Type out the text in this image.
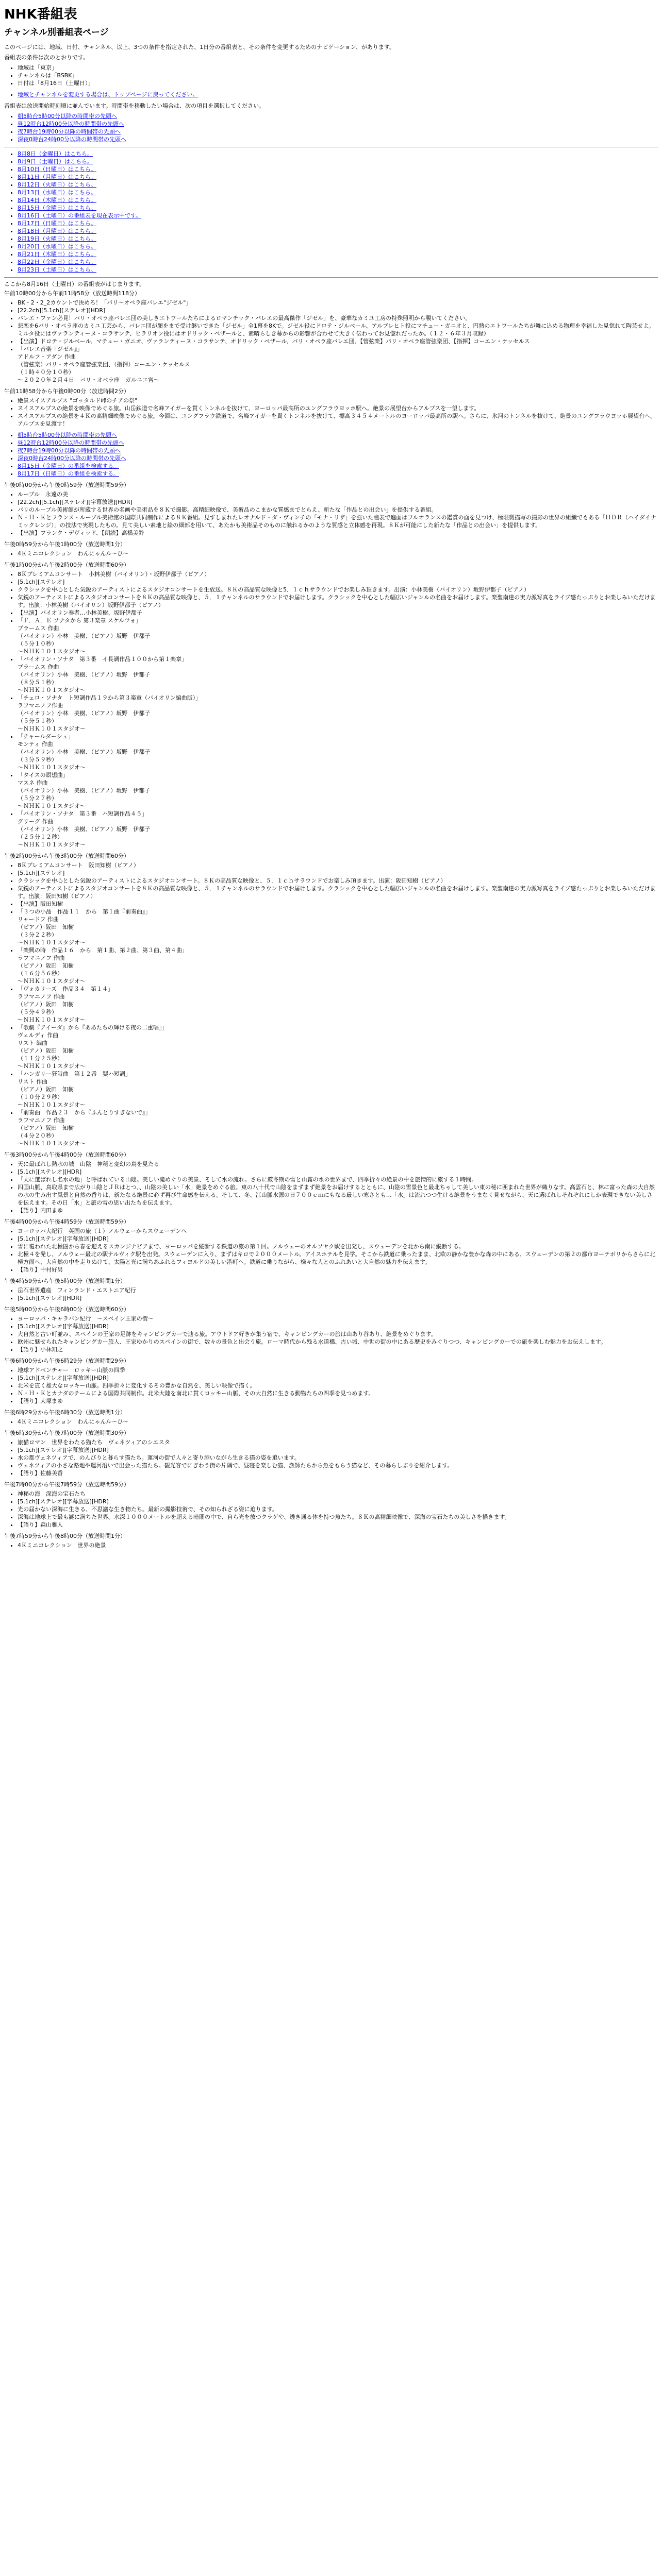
NHK番組表
チャンネル別番組表ページ

このページには、地域、日付、チャンネル、以上、3つの条件を指定された、1日分の番組表と、その条件を変更するためのナビゲーション、があります。

番組表の条件は次のとおりです。

• 地域は「東京」
• チャンネルは「BSBK」
• 日付は「8月16日（土曜日）」
• 地域とチャンネルを変更する場合は、トップページに戻ってください。

番組表は放送開始時刻順に並んでいます。時間帯を移動したい場合は、次の項目を選択してください。

• 朝5時台5時00分以降の時間帯の先頭へ
• 昼12時台12時00分以降の時間帯の先頭へ
• 夜7時台19時00分以降の時間帯の先頭へ
• 深夜0時台24時00分以降の時間帯の先頭へ
• 8月8日（金曜日）はこちら。
• 8月9日（土曜日）はこちら。
• 8月10日（日曜日）はこちら。
• 8月11日（月曜日）はこちら。
• 8月12日（火曜日）はこちら。
• 8月13日（水曜日）はこちら。
• 8月14日（木曜日）はこちら。
• 8月15日（金曜日）はこちら。
• 8月16日（土曜日）の番組表を現在表示中です。
• 8月17日（日曜日）はこちら。
• 8月18日（月曜日）はこちら。
• 8月19日（火曜日）はこちら。
• 8月20日（水曜日）はこちら。
• 8月21日（木曜日）はこちら。
• 8月22日（金曜日）はこちら。
• 8月23日（土曜日）はこちら。

ここから8月16日（土曜日）の番組表がはじまります。

午前10時00分から午前11時58分（放送時間118分）

• BK・2・2_2カウントで決めろ！「バリ～オペラ座バレエ"ジゼル"」
• [22.2ch][5.1ch][ステレオ][HDR]
• バレエ・ファン必見！パリ・オペラ座バレエ団の美しきエトワールたちによるロマンチック・バレエの最高傑作「ジゼル」を、豪華なカミユ工房の特殊照明から覗いてください。
• 悲恋を6バリ・オペラ座のカミユ工芸から、バレエ団が顔をまで受け継いできた「ジゼル」全1幕を8Kで。ジゼル役にドロテ・ジルベール、アルブレヒト役にマチュー・ガニオと、円熟のエトワールたちが舞に込める物理を幸福した見惚れて陶芸せよ。ミルタ役にはヴァランティーヌ・コラサンテ、ヒラリオン役にはオドリック・ベザールと、素晴らしき幕からの影響が合わせて大きく伝わってお見惚れだったか。（１２・６年３月収録）
• 【出演】ドロテ・ジルベール、マチュー・ガニオ、ヴァランティーヌ・コラサンテ、オドリック・ベザール、パリ・オペラ座バレエ団、【管弦楽】パリ・オペラ座管弦楽団、【指揮】コーエン・ケッセルス
• 「バレエ音楽『ジゼル』」
アドルフ・アダン 作曲
（管弦楽）パリ・オペラ座管弦楽団、（指揮）コーエン・ケッセルス
（１時４０分１０秒）
～２０２０年２月４日　パリ・オペラ座　ガルニエ宮～

午前11時58分から午後0時00分（放送時間2分）

• 絶景スイスアルプス "ゴッタルド峠のチアの祭"
• スイスアルプスの絶景を映像でめぐる旅。山岳鉄道で名峰アイガーを貫くトンネルを抜けて、ヨーロッパ最高所のユングフラウヨッホ駅へ。絶景の展望台からアルプスを一望します。
• スイスアルプスの絶景を４Ｋの高精細映像でめぐる旅。今回は、ユングフラウ鉄道で、名峰アイガーを貫くトンネルを抜けて、標高３４５４メートルのヨーロッパ最高所の駅へ。さらに、氷河のトンネルを抜けて、絶景のユングフラウヨッホ展望台へ。アルプスを見渡す！
• 朝5時台5時00分以降の時間帯の先頭へ
• 昼12時台12時00分以降の時間帯の先頭へ
• 夜7時台19時00分以降の時間帯の先頭へ
• 深夜0時台24時00分以降の時間帯の先頭へ
• 8月15日（金曜日）の番組を検索する。
• 8月17日（日曜日）の番組を検索する。

午後0時00分から午後0時59分（放送時間59分）

• ルーブル　永遠の美
• [22.2ch][5.1ch][ステレオ][字幕放送][HDR]
• パリのルーブル美術館が所蔵する世界の名画や美術品を８Ｋで撮影。高精細映像で、美術品のこまかな質感までとらえ、新たな「作品との出会い」を提供する番組。
• Ｎ・Ｈ・Ｋとフランス・ルーブル美術館の国際共同制作による８Ｋ番組。見ずしまれたレオナルド・ダ・ヴィンチの「モナ・リザ」を強いた瞳表で進面はフルオランスの鑑賞の面を見つけ、極限微描写の撮影の世界の組織でもある「ＨＤＲ（ハイダイナミックレンジ）」の技法で実現したもの。見て美しい素地と絵の細部を用いて、あたかも美術品そのものに触れるかのような質感と立体感を再現。８Ｋが可能にした新たな「作品との出会い」を提供します。
• 【出演】フランク・デヴィッド、【朗読】高橋美鈴

午後0時59分から午後1時00分（放送時間1分）

• 4Ｋミニコレクション　わんにゃんル～ひ～

午後1時00分から午後2時00分（放送時間60分）

• 8Ｋプレミアムコンサート　小林美樹（バイオリン）・坂野伊都子（ピアノ）
• [5.1ch][ステレオ]
• クラシックを中心とした気鋭のアーティストによるスタジオコンサートを生放送。８Ｋの高品質な映像と5．１ｃｈサラウンドでお楽しみ頂きます。出演：小林美樹（バイオリン）坂野伊都子（ピアノ）
• 気鋭のアーティストによるスタジオコンサートを８Ｋの高品質な映像と、５．１チャンネルのサラウンドでお届けします。クラシックを中心とした幅広いジャンルの名曲をお届けします。楽聖南達の実力派写真をライブ感たっぷりとお楽しみいただけます。出演：小林美樹（バイオリン）坂野伊都子（ピアノ）
• 【出演】バイオリン奏者…小林美樹、坂野伊都子
• 「Ｆ．Ａ．Ｅ ソナタから 第３楽章 スケルツォ」
ブラームス 作曲
（バイオリン）小林　美樹、（ピアノ）坂野　伊都子
（５分１０秒）
～ＮＨＫ１０１スタジオ～
• 「バイオリン・ソナタ　第３番　イ長調作品１００から第１楽章」
ブラームス 作曲
（バイオリン）小林　美樹、（ピアノ）坂野　伊都子
（８分５１秒）
～ＮＨＫ１０１スタジオ～
• 「チェロ・ソナタ　ト短調作品１９から第３楽章（バイオリン編曲版）」
ラフマニノフ作曲
（バイオリン）小林　美樹、（ピアノ）坂野　伊都子
（５分５１秒）
～ＮＨＫ１０１スタジオ～
• 「チャールダーシュ」
モンティ 作曲
（バイオリン）小林　美樹、（ピアノ）坂野　伊都子
（３分５９秒）
～ＮＨＫ１０１スタジオ～
• 「タイスの瞑想曲」
マスネ 作曲
（バイオリン）小林　美樹、（ピアノ）坂野　伊都子
（５分２７秒）
～ＮＨＫ１０１スタジオ～
• 「バイオリン・ソナタ　第３番　ハ短調作品４５」
グリーグ 作曲
（バイオリン）小林　美樹、（ピアノ）坂野　伊都子
（２５分１２秒）
～ＮＨＫ１０１スタジオ～

午後2時00分から午後3時00分（放送時間60分）

• 8Ｋプレミアムコンサート　阪田知樹（ピアノ）
• [5.1ch][ステレオ]
• クラシックを中心とした気鋭のアーティストによるスタジオコンサート。８Ｋの高品質な映像と、５．１ｃｈサラウンドでお楽しみ頂きます。出演：阪田知樹（ピアノ）
• 気鋭のアーティストによるスタジオコンサートを８Ｋの高品質な映像と、５．１チャンネルのサラウンドでお届けします。クラシックを中心とした幅広いジャンルの名曲をお届けします。楽聖南達の実力派写真をライブ感たっぷりとお楽しみいただけます。出演：阪田知樹（ピアノ）
• 【出演】阪田知樹
• 「３つの小品　作品１１　から　第１曲『前奏曲』」
リャードフ 作曲
（ピアノ）阪田　知樹
（３分２２秒）
～ＮＨＫ１０１スタジオ～
• 「楽興の時　作品１６　から　第１曲、第２曲、第３曲、第４曲」
ラフマニノフ 作曲
（ピアノ）阪田　知樹
（１６分５６秒）
～ＮＨＫ１０１スタジオ～
• 「ヴォカリーズ　作品３４　第１４」
ラフマニノフ 作曲
（ピアノ）阪田　知樹
（５分４９秒）
～ＮＨＫ１０１スタジオ～
• 「歌劇『アイーダ』から『ああたちの輝ける夜の二重唱』」
ヴェルディ 作曲
リスト 編曲
（ピアノ）阪田　知樹
（１１分２５秒）
～ＮＨＫ１０１スタジオ～
• 「ハンガリー狂詩曲　第１２番　嬰ハ短調」
リスト 作曲
（ピアノ）阪田　知樹
（１０分２９秒）
～ＮＨＫ１０１スタジオ～
• 「前奏曲　作品２３　から『ふんとりすぎないで』」
ラフマニノフ 作曲
（ピアノ）阪田　知樹
（４分２０秒）
～ＮＨＫ１０１スタジオ～

午後3時00分から午後4時00分（放送時間60分）

• 天に最ばれし熱水の城　山陰　神秘と変幻の鳥を見たる
• [5.1ch][ステレオ][HDR]
• 「天に選ばれし名水の地」と呼ばれている山陰。美しい滝めぐりの美景、そして水の流れ。さらに厳冬期の雪と山霧の水の世界まで、四季折々の絶景の中を旅情的に旅する１時間。
• 四国山脈、鳥取県まで広がり山陰とＪＲはとつ、、山陰の美しい「水」絶景をめぐる旅。東の八十代で山陰をまずまず絶景をお届けするとともに、山陰の雪景色と最北ちゃして美しい東の秘に囲まれた世界が織りなす。高雲石と、林に富った森の大自然の水の生み出す風景と自然の香りは、新たなる絶景に必ず再び生命感を伝える。そして、冬、江山脈水源の日７００ｃｍにもなる厳しい寒さとも…「水」は流れつつ生ける絶景をうまなく見せながら、天に選ばれしそれぞれにしか表現できない美しさを伝えます。その日「水」と旅の雪の思い出たちを伝えます。
• 【語り】内田まゆ

午後4時00分から午後4時59分（放送時間59分）

• ヨーロッパ大紀行　英国の旅（１）ノルウェーからスウェーデンへ
• [5.1ch][ステレオ][字幕放送][HDR]
• 雪に覆われた北極圏から春を迎えるスカンジナビアまで、ヨーロッパを縦断する鉄道の旅の第１回。ノルウェーのオルソヤク駅を出発し、スウェーデンを北から南に縦断する。
• 北極４を発し、ノルウェー最北の駅ナルヴィク駅を出発。スウェーデンに入り、まずはキロで２０００メートル。アイスホテルを見学。そこから鉄道に乗ったまま、北欧の静かな豊かな森の中にある、スウェーデンの第２の都市ヨーテボリからさらに北極方面へ、大自然の中を走りぬけて、太陽と光に満ちあふれるフィヨルドの美しい港町へ。鉄道に乗りながら、様々な人とのふれあいと大自然の魅力を伝えます。
• 【語り】中村好男

午後4時59分から午後5時00分（放送時間1分）

• 岳石世界遺産　フィンランド・エストニア紀行
• [5.1ch][ステレオ][HDR]

午後5時00分から午後6時00分（放送時間60分）

• ヨーロッパ・キャラバン紀行　～スペイン王家の街～
• [5.1ch][ステレオ][字幕放送][HDR]
• 大自然と古い町並み、スペインの王家の足跡をキャンピングカーで辿る旅。アウトドア好きが集う宿で、キャンピングカーの旅は山あり谷あり、絶景をめぐります。
• 欧州に魅せられたキャンピングカー旅人、王家ゆかりのスペインの街で、数々の景色と出会う旅。ローマ時代から残る水道橋、古い城、中世の街の中にある歴史をみぐりつつ、キャンピングカーでの旅を楽しむ魅力をお伝えします。
• 【語り】小林知之

午後6時00分から午後6時29分（放送時間29分）

• 地球アドベンチャー　ロッキー山脈の四季
• [5.1ch][ステレオ][字幕放送][HDR]
• 北米を貫く雄大なロッキー山脈。四季折々に変化するその豊かな自然を、美しい映像で描く。
• Ｎ・Ｈ・Ｋとカナダのチームによる国際共同制作。北米大陸を南北に貫くロッキー山脈、その大自然に生きる動物たちの四季を見つめます。
• 【語り】大塚まゆ

午後6時29分から午後6時30分（放送時間1分）

• 4Ｋミニコレクション　わんにゃんル～ひ～

午後6時30分から午後7時00分（放送時間30分）

• 旅猫ロマン　世界をわたる猫たち　ヴェネツィアのシエスタ
• [5.1ch][ステレオ][字幕放送][HDR]
• 水の都ヴェネツィアで、のんびりと暮らす猫たち。運河の街で人々と寄り添いながら生きる猫の姿を追います。
• ヴェネツィアの小さな路地や運河沿いで出会った猫たち。観光客でにぎわう街の片隅で、昼寝を楽しむ猫、漁師たちから魚をもらう猫など、その暮らしぶりを紹介します。
• 【語り】佐藤美香

午後7時00分から午後7時59分（放送時間59分）

• 神秘の海　深海の宝石たち
• [5.1ch][ステレオ][字幕放送][HDR]
• 光の届かない深海に生きる、不思議な生き物たち。最新の撮影技術で、その知られざる姿に迫ります。
• 深海は地球上で最も謎に満ちた世界。水深１０００メートルを超える暗闇の中で、自ら光を放つクラゲや、透き通る体を持つ魚たち。８Ｋの高精細映像で、深海の宝石たちの美しさを描きます。
• 【語り】森山雅人

午後7時59分から午後8時00分（放送時間1分）

• 4Ｋミニコレクション　世界の絶景
